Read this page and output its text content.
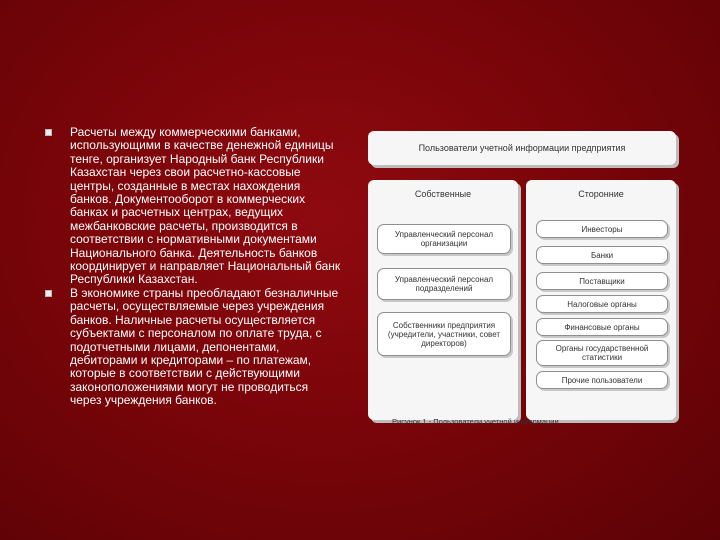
Расчеты между коммерческими банками, использующими в качестве денежной единицы тенге, организует Народный банк Республики Казахстан через свои расчетно-кассовые центры, созданные в местах нахождения банков. Документооборот в коммерческих банках и расчетных центрах, ведущих межбанковские расчеты, производится в соответствии с нормативными документами Национального банка. Деятельность банков координирует и направляет Национальный банк Республики Казахстан.

В экономике страны преобладают безналичные расчеты, осуществляемые через учреждения банков. Наличные расчеты осуществляется субъектами с персоналом по оплате труда, с подотчетными лицами, депонентами, дебиторами и кредиторами – по платежам, которые в соответствии с действующими законоположениями могут не проводиться через учреждения банков.

Пользователи учетной информации предприятия
Собственные
Управленческий персонал организации
Управленческий персонал подразделений
Собственники предприятия (учредители, участники, совет директоров)
Сторонние
Инвесторы
Банки
Поставщики
Налоговые органы
Финансовые органы
Органы государственной статистики
Прочие пользователи
Рисунок 1 - Пользователи учетной информации
